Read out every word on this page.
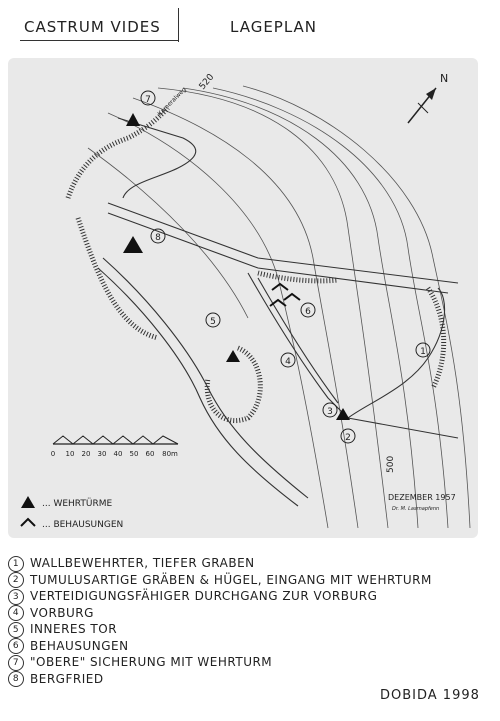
CASTRUM VIDES	LAGEPLAN
7
8
5
6
4
1
3
2
520
500
Kameralweg
N
0 10 20 30 40 50 60 80m
... WEHRTÜRME
... BEHAUSUNGEN
DEZEMBER 1957
Dr. M. Lasrnapfenn
1 WALLBEWEHRTER, TIEFER GRABEN
2 TUMULUSARTIGE GRÄBEN & HÜGEL, EINGANG MIT WEHRTURM
3 VERTEIDIGUNGSFÄHIGER DURCHGANG ZUR VORBURG
4 VORBURG
5 INNERES TOR
6 BEHAUSUNGEN
7 "OBERE" SICHERUNG MIT WEHRTURM
8 BERGFRIED
DOBIDA 1998
